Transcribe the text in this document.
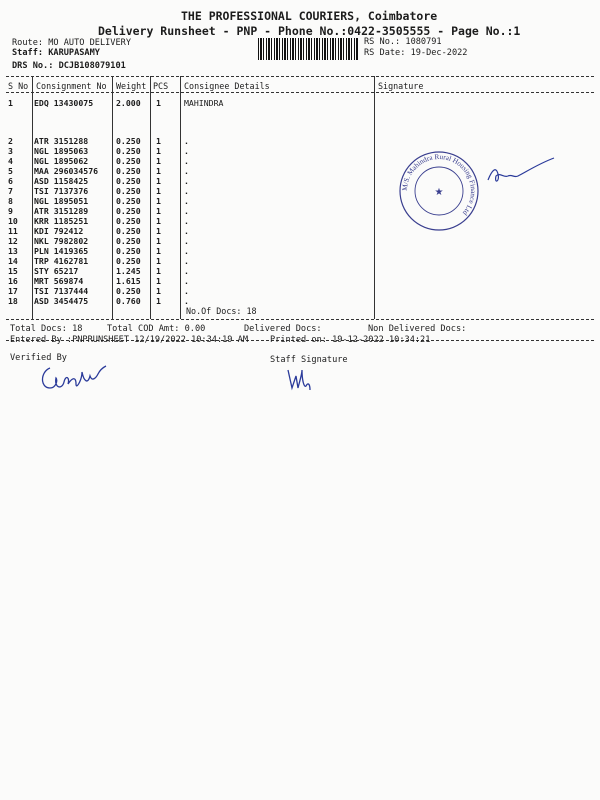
THE PROFESSIONAL COURIERS, Coimbatore
Delivery Runsheet - PNP - Phone No.:0422-3505555 - Page No.:1
Route: MO AUTO DELIVERY
Staff: KARUPASAMY
DRS No.: DCJB108079101
RS No.: 1080791
RS Date: 19-Dec-2022
S No Consignment No Weight PCS Consignee Details	Signature
1	EDQ 13430075	2.000 1	MAHINDRA
2	ATR 3151288	0.250 1	.
3	NGL 1895063	0.250 1	.
4	NGL 1895062	0.250 1	.
5	MAA 296034576 0.250 1	.
6	ASD 1158425	0.250 1	.
7	TSI 7137376	0.250 1	.
8	NGL 1895051	0.250 1	.
9	ATR 3151289	0.250 1	.
10 KRR 1185251	0.250 1	.
11 KDI 792412	0.250 1	.
12 NKL 7982802	0.250 1	.
13 PLN 1419365	0.250 1	.
14 TRP 4162781	0.250 1	.
15 STY 65217	1.245 1	.
16 MRT 569874	1.615 1	.
17 TSI 7137444	0.250 1	.
18 ASD 3454475	0.760 1	.
No.Of Docs: 18
M/S. Mahindra Rural Housing Finance Ltd
★
Total Docs: 18	Total COD Amt: 0.00	Delivered Docs:	Non Delivered Docs:
Entered By :PNPRUNSHEET 12/19/2022 10:34:19 AM	Printed on: 19-12-2022 10:34:21
Verified By	Staff Signature
